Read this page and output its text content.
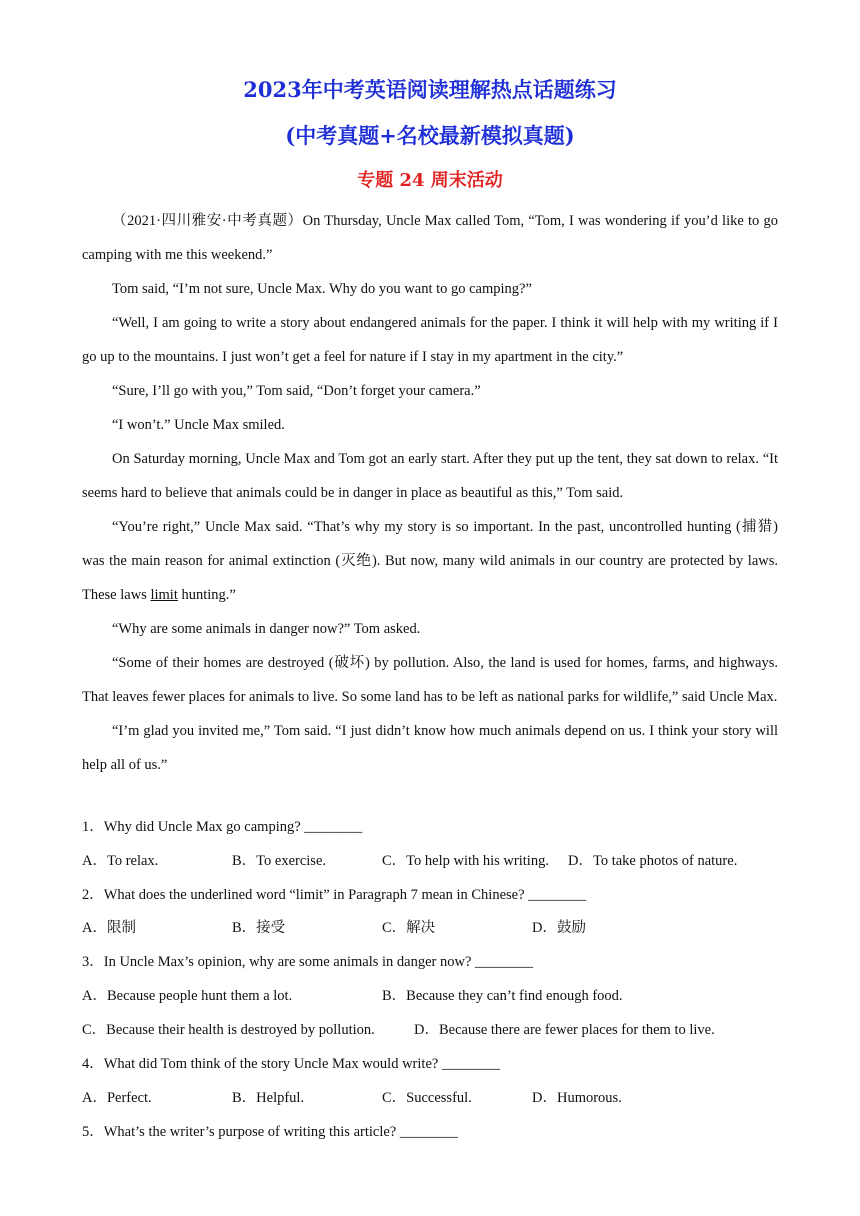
2023年中考英语阅读理解热点话题练习
(中考真题+名校最新模拟真题)
专题 24 周末活动

（2021·四川雅安·中考真题）On Thursday, Uncle Max called Tom, “Tom, I was wondering if you’d like to go camping with me this weekend.”

Tom said, “I’m not sure, Uncle Max. Why do you want to go camping?”

“Well, I am going to write a story about endangered animals for the paper. I think it will help with my writing if I go up to the mountains. I just won’t get a feel for nature if I stay in my apartment in the city.”

“Sure, I’ll go with you,” Tom said, “Don’t forget your camera.”

“I won’t.” Uncle Max smiled.

On Saturday morning, Uncle Max and Tom got an early start. After they put up the tent, they sat down to relax. “It seems hard to believe that animals could be in danger in place as beautiful as this,” Tom said.

“You’re right,” Uncle Max said. “That’s why my story is so important. In the past, uncontrolled hunting (捕猎) was the main reason for animal extinction (灭绝). But now, many wild animals in our country are protected by laws. These laws limit hunting.”

“Why are some animals in danger now?” Tom asked.

“Some of their homes are destroyed (破坏) by pollution. Also, the land is used for homes, farms, and highways. That leaves fewer places for animals to live. So some land has to be left as national parks for wildlife,” said Uncle Max.

“I’m glad you invited me,” Tom said. “I just didn’t know how much animals depend on us. I think your story will help all of us.”

1．Why did Uncle Max go camping? ________
A．To relax.	B．To exercise.	C．To help with his writing. D．To take photos of nature.
2．What does the underlined word “limit” in Paragraph 7 mean in Chinese? ________
A．限制	B．接受	C．解决	D．鼓励
3．In Uncle Max’s opinion, why are some animals in danger now? ________
A．Because people hunt them a lot.	B．Because they can’t find enough food.
C．Because their health is destroyed by pollution.	D．Because there are fewer places for them to live.
4．What did Tom think of the story Uncle Max would write? ________
A．Perfect.	B．Helpful.	C．Successful.	D．Humorous.
5．What’s the writer’s purpose of writing this article? ________
